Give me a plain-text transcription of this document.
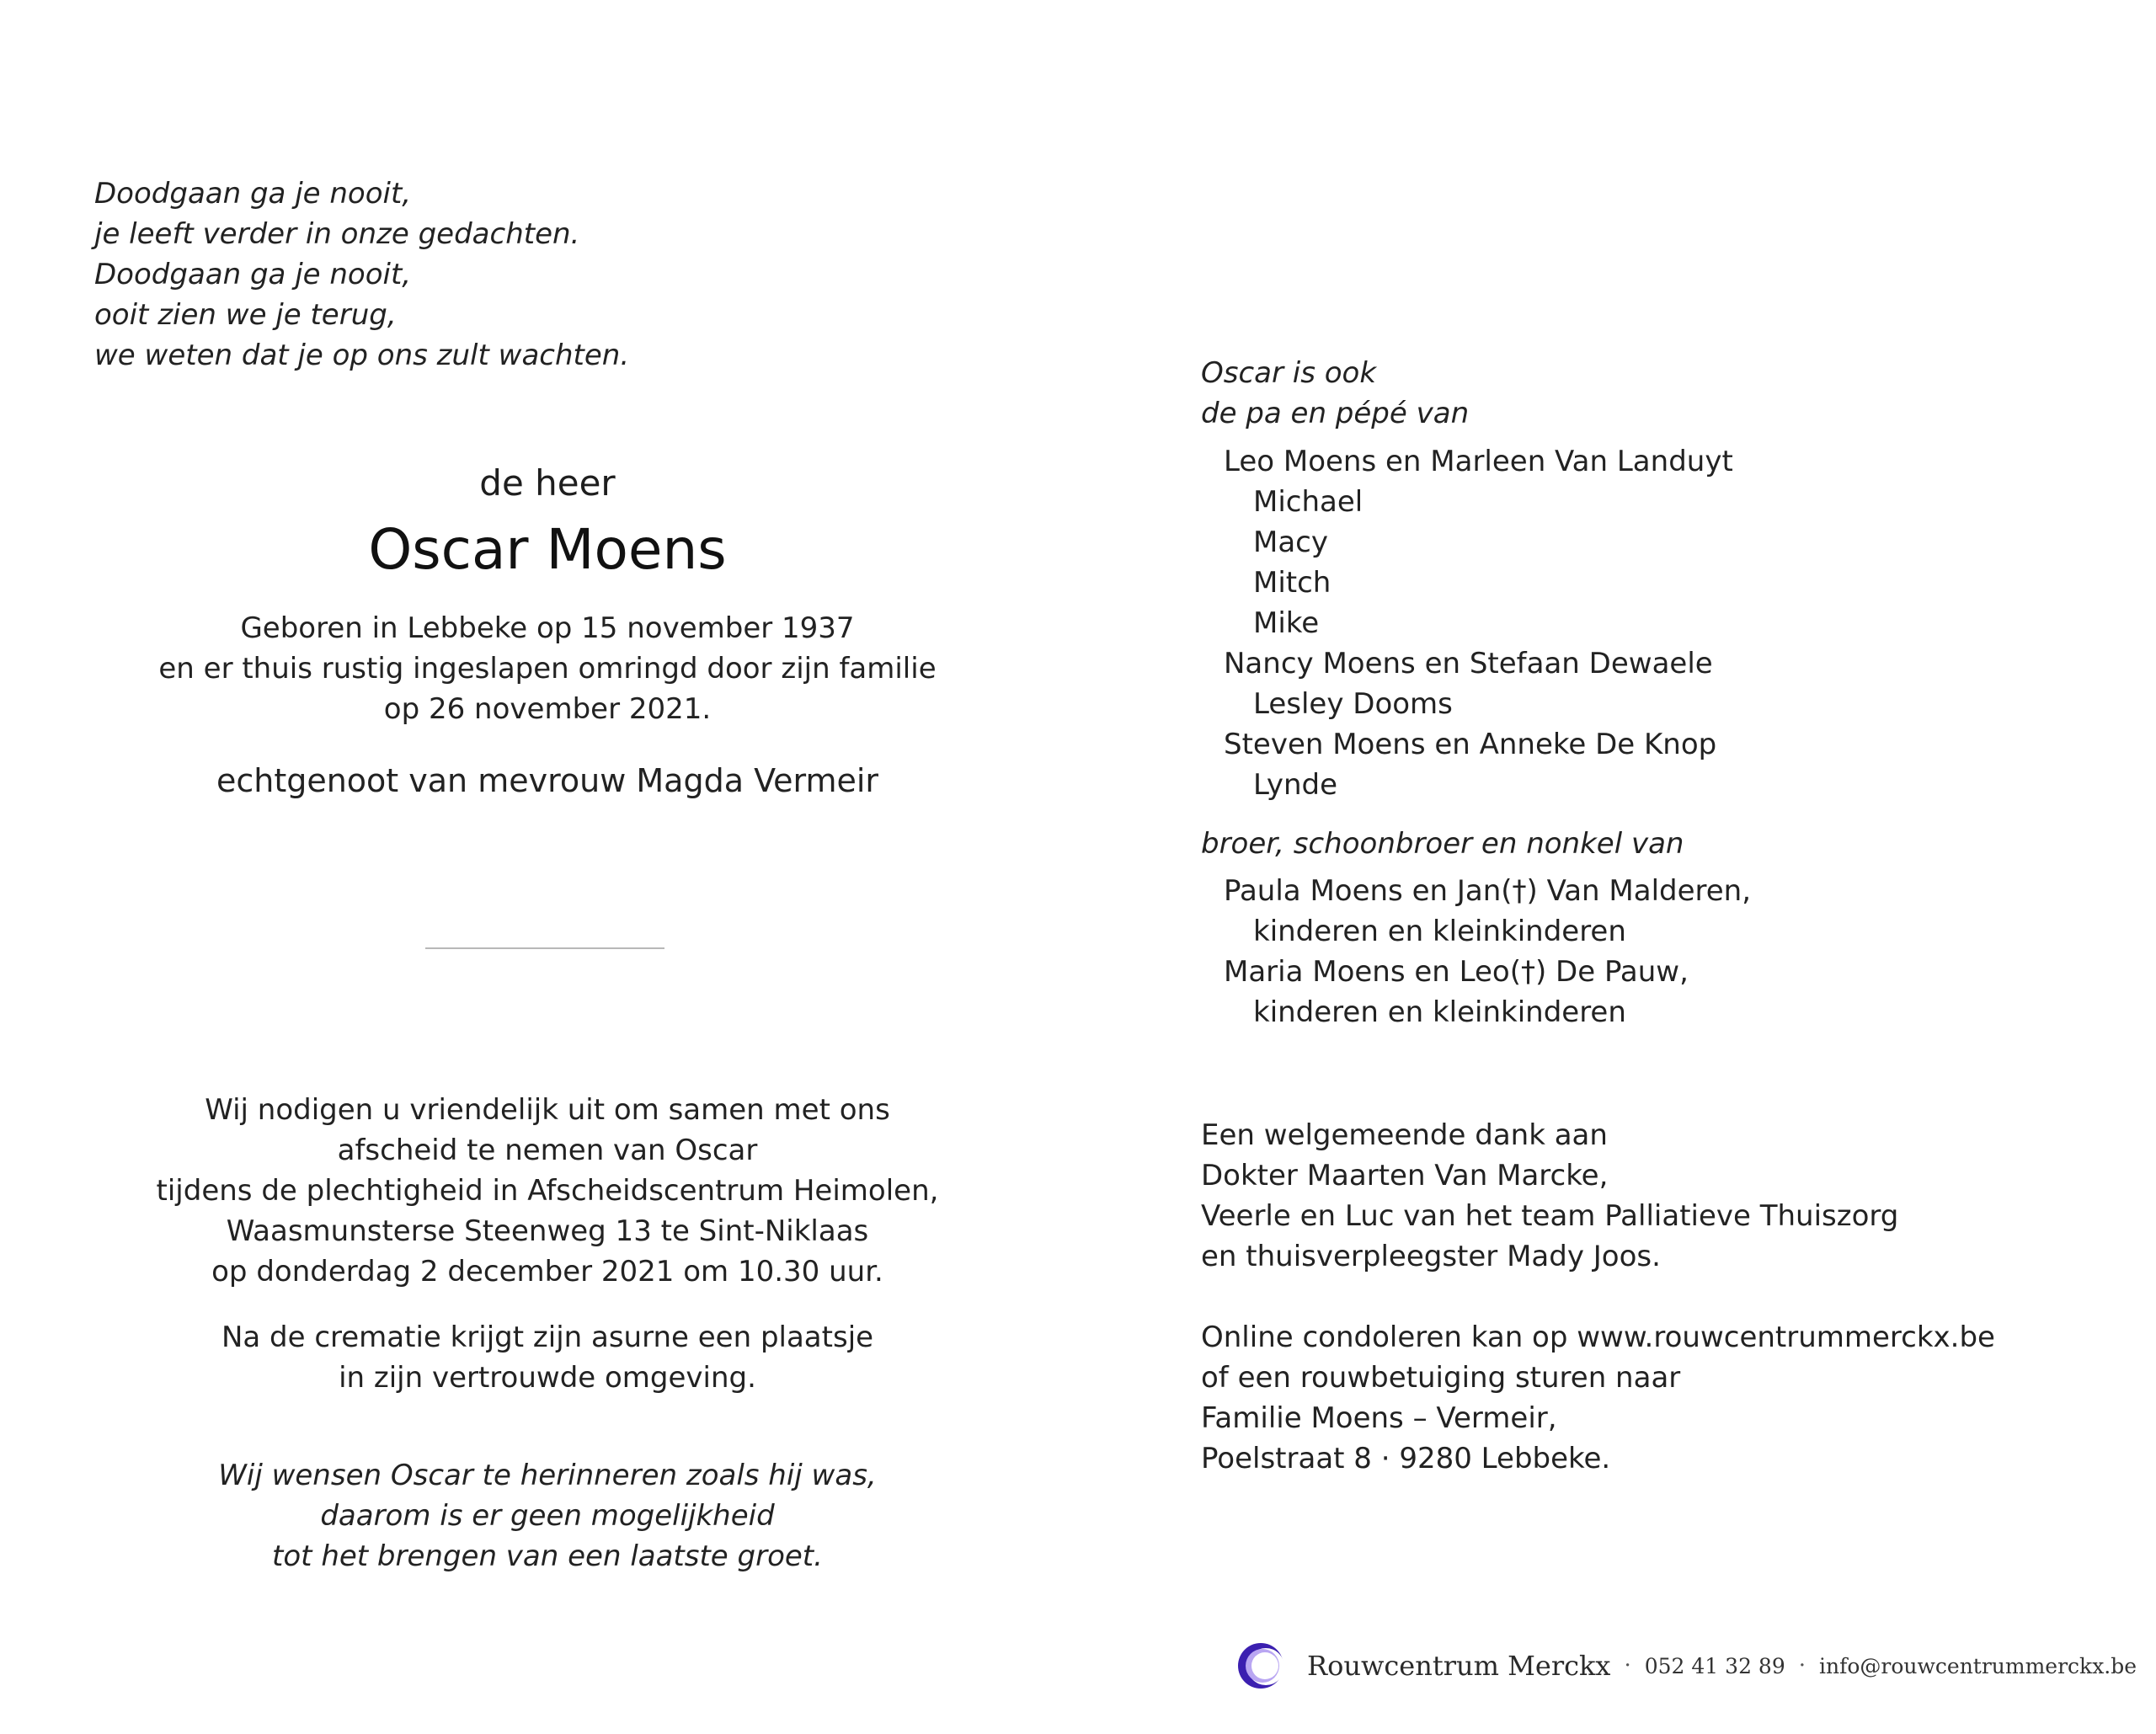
Doodgaan ga je nooit,
je leeft verder in onze gedachten.
Doodgaan ga je nooit,
ooit zien we je terug,
we weten dat je op ons zult wachten.
de heer
Oscar Moens
Geboren in Lebbeke op 15 november 1937
en er thuis rustig ingeslapen omringd door zijn familie
op 26 november 2021.
echtgenoot van mevrouw Magda Vermeir
Wij nodigen u vriendelijk uit om samen met ons
afscheid te nemen van Oscar
tijdens de plechtigheid in Afscheidscentrum Heimolen,
Waasmunsterse Steenweg 13 te Sint-Niklaas
op donderdag 2 december 2021 om 10.30 uur.
Na de crematie krijgt zijn asurne een plaatsje
in zijn vertrouwde omgeving.
Wij wensen Oscar te herinneren zoals hij was,
daarom is er geen mogelijkheid
tot het brengen van een laatste groet.
Oscar is ook
de pa en pépé van
Leo Moens en Marleen Van Landuyt
Michael
Macy
Mitch
Mike
Nancy Moens en Stefaan Dewaele
Lesley Dooms
Steven Moens en Anneke De Knop
Lynde
broer, schoonbroer en nonkel van
Paula Moens en Jan(†) Van Malderen,
kinderen en kleinkinderen
Maria Moens en Leo(†) De Pauw,
kinderen en kleinkinderen
Een welgemeende dank aan
Dokter Maarten Van Marcke,
Veerle en Luc van het team Palliatieve Thuiszorg
en thuisverpleegster Mady Joos.
Online condoleren kan op www.rouwcentrummerckx.be
of een rouwbetuiging sturen naar
Familie Moens – Vermeir,
Poelstraat 8 · 9280 Lebbeke.
Rouwcentrum Merckx · 052 41 32 89 · info@rouwcentrummerckx.be
